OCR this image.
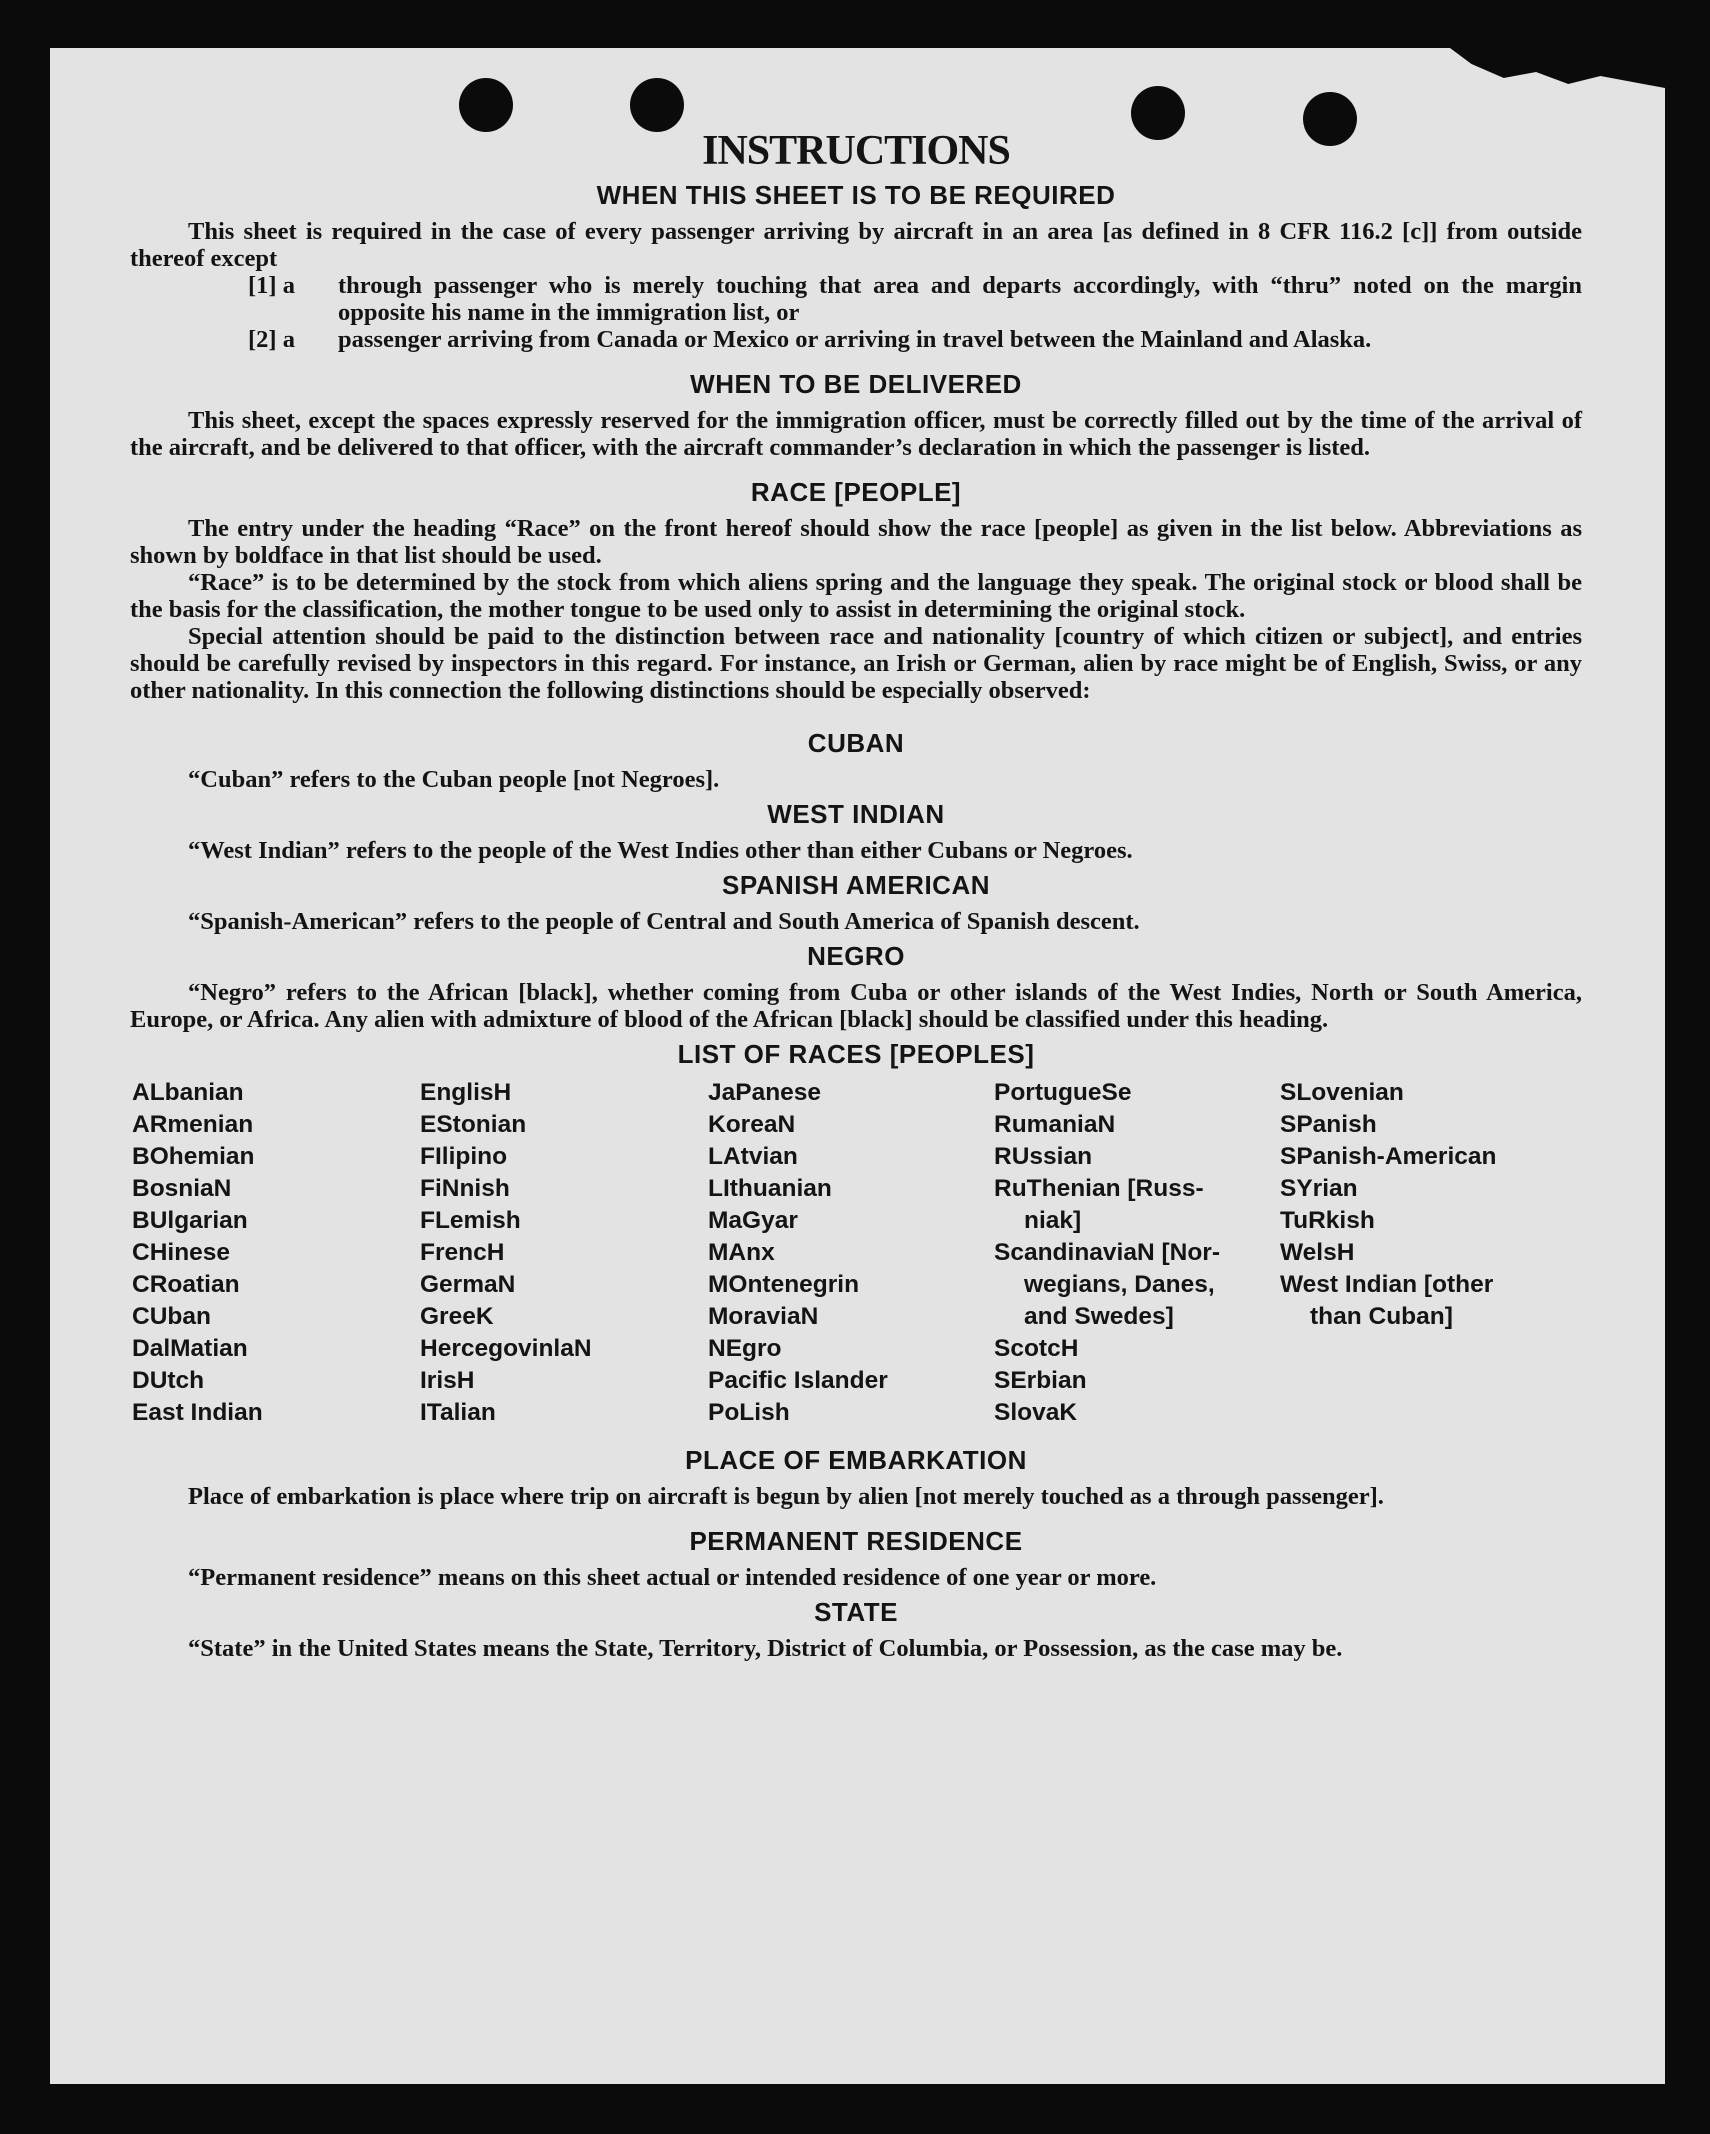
INSTRUCTIONS
WHEN THIS SHEET IS TO BE REQUIRED

This sheet is required in the case of every passenger arriving by aircraft in an area [as defined in 8 CFR 116.2 [c]] from outside thereof except

[1] a	through passenger who is merely touching that area and departs accordingly, with “thru” noted on the margin opposite his name in the immigration list, or
[2] a	passenger arriving from Canada or Mexico or arriving in travel between the Mainland and Alaska.
WHEN TO BE DELIVERED

This sheet, except the spaces expressly reserved for the immigration officer, must be correctly filled out by the time of the arrival of the aircraft, and be delivered to that officer, with the aircraft commander’s declaration in which the passenger is listed.

RACE [PEOPLE]

The entry under the heading “Race” on the front hereof should show the race [people] as given in the list below. Abbreviations as shown by boldface in that list should be used.

“Race” is to be determined by the stock from which aliens spring and the language they speak. The original stock or blood shall be the basis for the classification, the mother tongue to be used only to assist in determining the original stock.

Special attention should be paid to the distinction between race and nationality [country of which citizen or subject], and entries should be carefully revised by inspectors in this regard. For instance, an Irish or German, alien by race might be of English, Swiss, or any other nationality. In this connection the following distinctions should be especially observed:

CUBAN

“Cuban” refers to the Cuban people [not Negroes].

WEST INDIAN

“West Indian” refers to the people of the West Indies other than either Cubans or Negroes.

SPANISH AMERICAN

“Spanish-American” refers to the people of Central and South America of Spanish descent.

NEGRO

“Negro” refers to the African [black], whether coming from Cuba or other islands of the West Indies, North or South America, Europe, or Africa. Any alien with admixture of blood of the African [black] should be classified under this heading.

LIST OF RACES [PEOPLES]
ALbanian
ARmenian
BOhemian
BosniaN
BUlgarian
CHinese
CRoatian
CUban
DalMatian
DUtch
East Indian
EnglisH
EStonian
FIlipino
FiNnish
FLemish
FrencH
GermaN
GreeK
HercegovinlaN
IrisH
ITalian
JaPanese
KoreaN
LAtvian
LIthuanian
MaGyar
MAnx
MOntenegrin
MoraviaN
NEgro
Pacific Islander
PoLish
PortugueSe
RumaniaN
RUssian
RuThenian [Russ-
niak]
ScandinaviaN [Nor-
wegians, Danes,
and Swedes]
ScotcH
SErbian
SlovaK
SLovenian
SPanish
SPanish-American
SYrian
TuRkish
WelsH
West Indian [other
than Cuban]
PLACE OF EMBARKATION

Place of embarkation is place where trip on aircraft is begun by alien [not merely touched as a through passenger].

PERMANENT RESIDENCE

“Permanent residence” means on this sheet actual or intended residence of one year or more.

STATE

“State” in the United States means the State, Territory, District of Columbia, or Possession, as the case may be.
